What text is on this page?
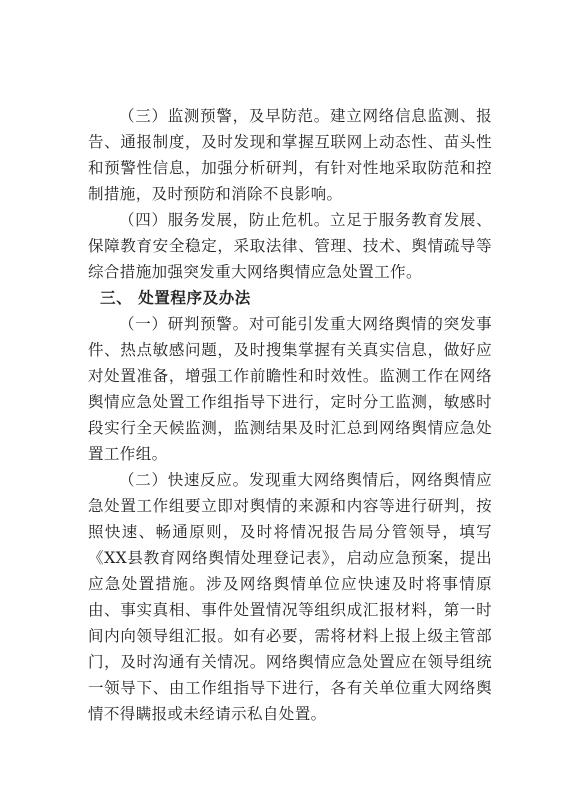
（三）监测预警，及早防范。建立网络信息监测、报告、通报制度，及时发现和掌握互联网上动态性、苗头性和预警性信息，加强分析研判，有针对性地采取防范和控制措施，及时预防和消除不良影响。

（四）服务发展，防止危机。立足于服务教育发展、保障教育安全稳定，采取法律、管理、技术、舆情疏导等综合措施加强突发重大网络舆情应急处置工作。

三、 处置程序及办法

（一）研判预警。对可能引发重大网络舆情的突发事件、热点敏感问题，及时搜集掌握有关真实信息，做好应对处置准备，增强工作前瞻性和时效性。监测工作在网络舆情应急处置工作组指导下进行，定时分工监测，敏感时段实行全天候监测，监测结果及时汇总到网络舆情应急处置工作组。

（二）快速反应。发现重大网络舆情后，网络舆情应急处置工作组要立即对舆情的来源和内容等进行研判，按照快速、畅通原则，及时将情况报告局分管领导，填写《XX县教育网络舆情处理登记表》，启动应急预案，提出应急处置措施。涉及网络舆情单位应快速及时将事情原由、事实真相、事件处置情况等组织成汇报材料，第一时间内向领导组汇报。如有必要，需将材料上报上级主管部门，及时沟通有关情况。网络舆情应急处置应在领导组统一领导下、由工作组指导下进行，各有关单位重大网络舆情不得瞒报或未经请示私自处置。
